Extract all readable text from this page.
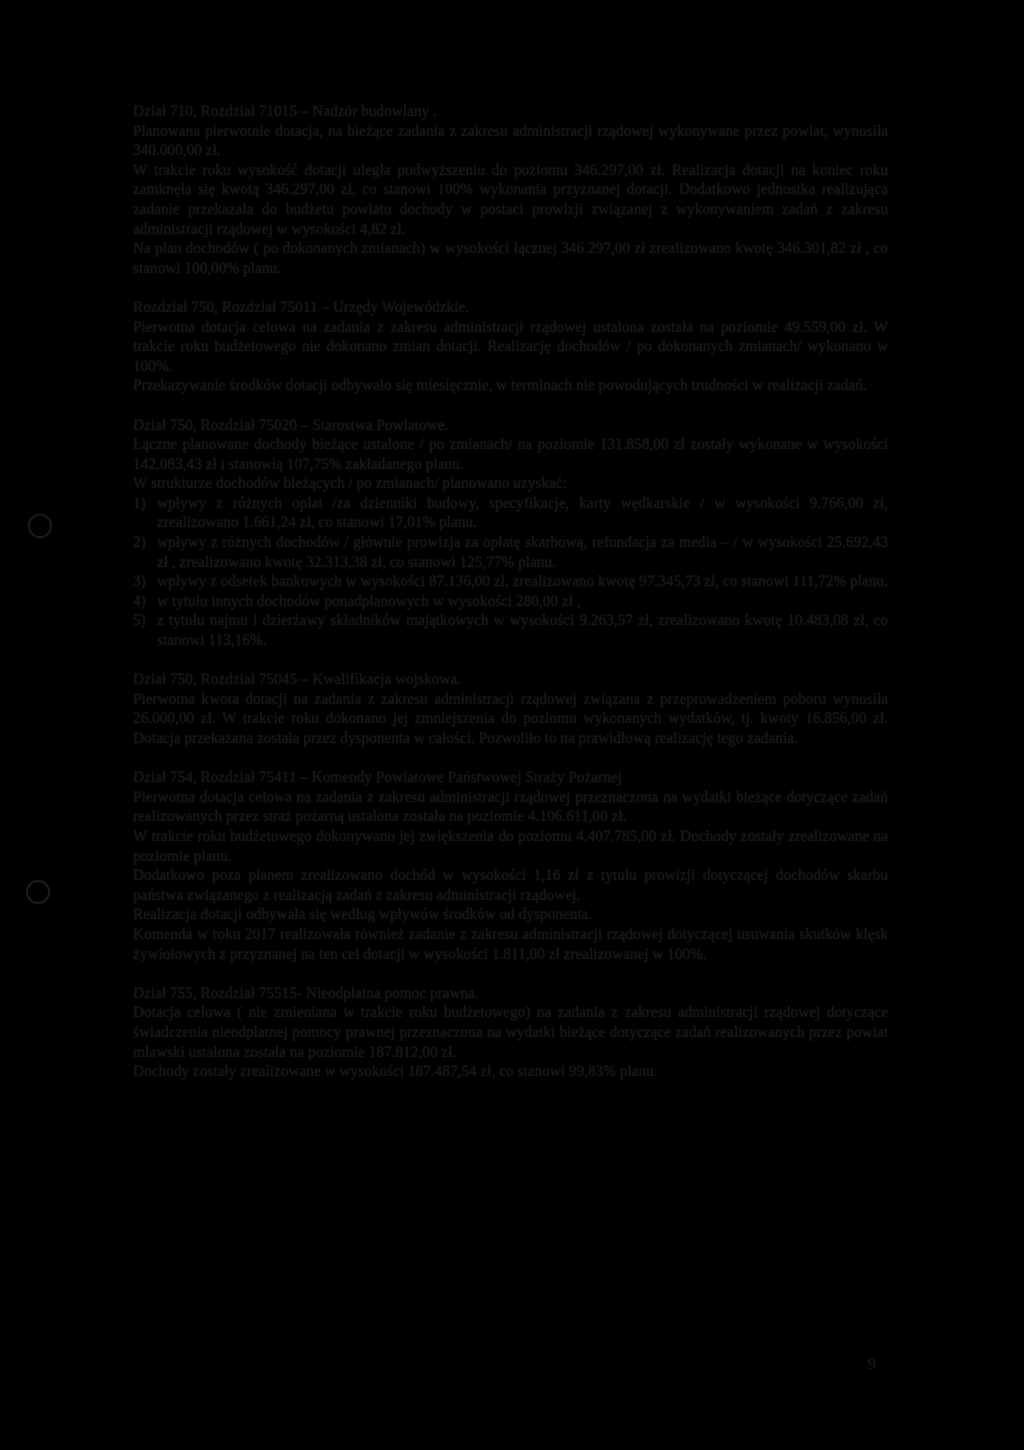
Dział 710, Rozdział 71015 – Nadzór budowlany .

Planowana pierwotnie dotacja, na bieżące zadania z zakresu administracji rządowej wykonywane przez powiat, wynosiła 340.000,00 zł.

W trakcie roku wysokość dotacji uległa podwyższeniu do poziomu 346.297,00 zł. Realizacja dotacji na koniec roku zamknęła się kwotą 346.297,00 zł, co stanowi 100% wykonania przyznanej dotacji. Dodatkowo jednostka realizująca zadanie przekazała do budżetu powiatu dochody w postaci prowizji związanej z wykonywaniem zadań z zakresu administracji rządowej w wysokości 4,82 zł.

Na plan dochodów ( po dokonanych zmianach) w wysokości łącznej 346.297,00 zł zrealizowano kwotę 346.301,82 zł , co stanowi 100,00% planu.

Rozdział 750, Rozdział 75011 – Urzędy Wojewódzkie.

Pierwotna dotacja celowa na zadania z zakresu administracji rządowej ustalona została na poziomie 49.559,00 zł. W trakcie roku budżetowego nie dokonano zmian dotacji. Realizację dochodów / po dokonanych zmianach/ wykonano w 100%.

Przekazywanie środków dotacji odbywało się miesięcznie, w terminach nie powodujących trudności w realizacji zadań.

Dział 750, Rozdział 75020 – Starostwa Powiatowe.

Łączne planowane dochody bieżące ustalone / po zmianach/ na poziomie 131.858,00 zł zostały wykonane w wysokości 142.083,43 zł i stanowią 107,75% zakładanego planu.

W strukturze dochodów bieżących / po zmianach/ planowano uzyskać:

1) wpływy z różnych opłat /za dzienniki budowy, specyfikacje, karty wędkarskie / w wysokości 9.766,00 zł, zrealizowano 1.661,24 zł, co stanowi 17,01% planu.
2) wpływy z różnych dochodów / głównie prowizja za opłatę skarbową, refundacja za media – / w wysokości 25.692,43 zł , zrealizowano kwotę 32.313,38 zł, co stanowi 125,77% planu.
3) wpływy z odsetek bankowych w wysokości 87.136,00 zł, zrealizowano kwotę 97.345,73 zł, co stanowi 111,72% planu.
4) w tytułu innych dochodów ponadplanowych w wysokości 280,00 zł ,
5) z tytułu najmu i dzierżawy składników majątkowych w wysokości 9.263,57 zł, zrealizowano kwotę 10.483,08 zł, co stanowi 113,16%.

Dział 750, Rozdział 75045 – Kwalifikacja wojskowa.

Pierwotna kwota dotacji na zadania z zakresu administracji rządowej związana z przeprowadzeniem poboru wynosiła 26.000,00 zł. W trakcie roku dokonano jej zmniejszenia do poziomu wykonanych wydatków, tj. kwoty 16.856,00 zł. Dotacja przekazana została przez dysponenta w całości. Pozwoliło to na prawidłową realizację tego zadania.

Dział 754, Rozdział 75411 – Komendy Powiatowe Państwowej Straży Pożarnej

Pierwotna dotacja celowa na zadania z zakresu administracji rządowej przeznaczona na wydatki bieżące dotyczące zadań realizowanych przez straż pożarną ustalona została na poziomie 4.106.611,00 zł.

W trakcie roku budżetowego dokonywano jej zwiększenia do poziomu 4.407.785,00 zł. Dochody zostały zrealizowane na poziomie planu.

Dodatkowo poza planem zrealizowano dochód w wysokości 1,16 zł z tytułu prowizji dotyczącej dochodów skarbu państwa związanego z realizacją zadań z zakresu administracji rządowej.

Realizacja dotacji odbywała się według wpływów środków od dysponenta.

Komenda w roku 2017 realizowała również zadanie z zakresu administracji rządowej dotyczącej usuwania skutków klęsk żywiołowych z przyznanej na ten cel dotacji w wysokości 1.811,00 zł zrealizowanej w 100%.

Dział 755, Rozdział 75515- Nieodpłatna pomoc prawna.

Dotacja celowa ( nie zmieniana w trakcie roku budżetowego) na zadania z zakresu administracji rządowej dotyczące świadczenia nieodpłatnej pomocy prawnej przeznaczona na wydatki bieżące dotyczące zadań realizowanych przez powiat mławski ustalona została na poziomie 187.812,00 zł.

Dochody zostały zrealizowane w wysokości 187.487,54 zł, co stanowi 99,83% planu.

9
